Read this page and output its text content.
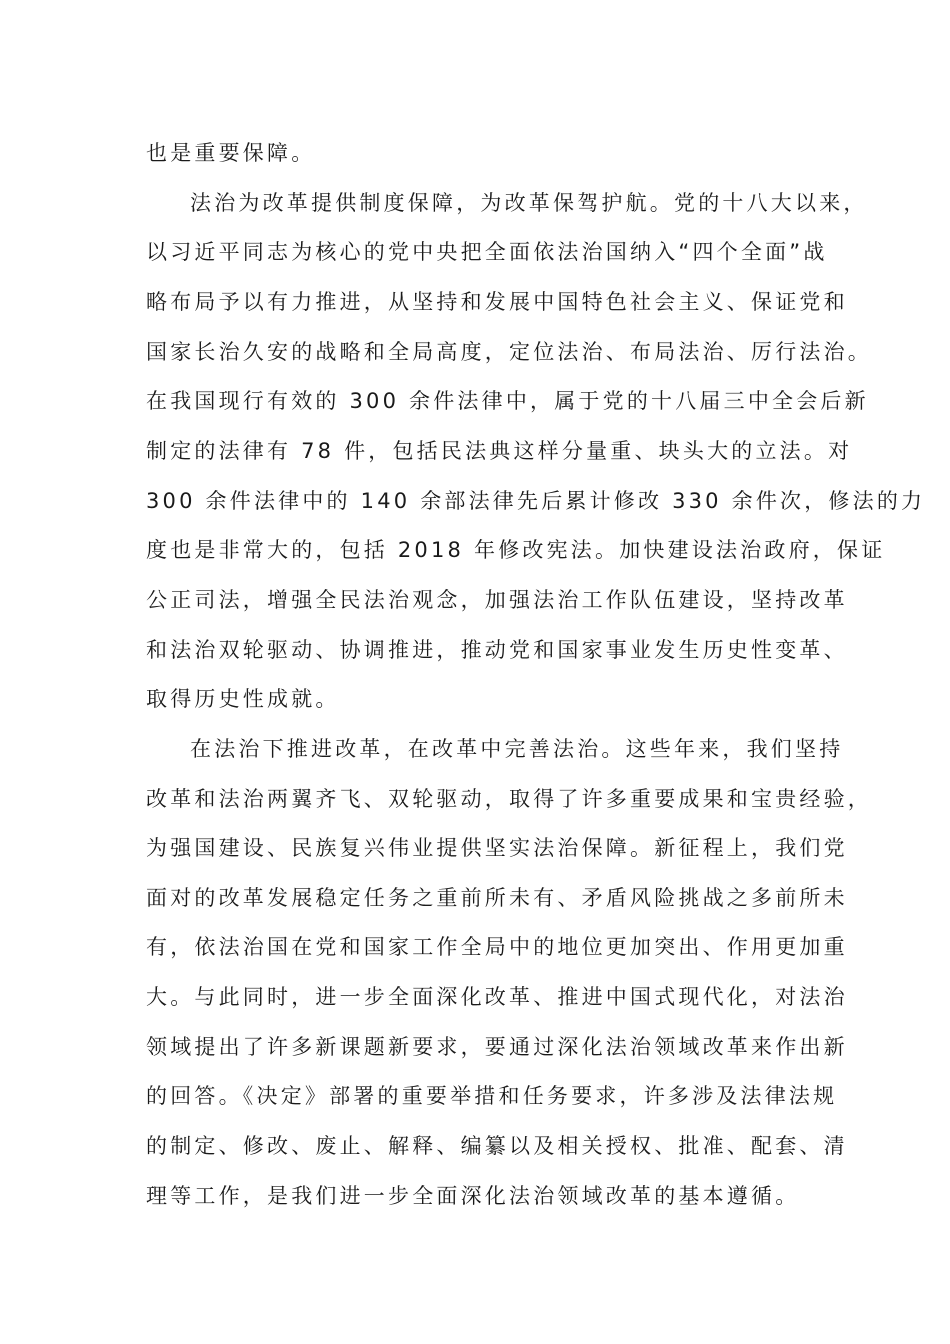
也是重要保障。
法治为改革提供制度保障，为改革保驾护航。党的十八大以来，
以习近平同志为核心的党中央把全面依法治国纳入“四个全面”战
略布局予以有力推进，从坚持和发展中国特色社会主义、保证党和
国家长治久安的战略和全局高度，定位法治、布局法治、厉行法治。
在我国现行有效的 300 余件法律中，属于党的十八届三中全会后新
制定的法律有 78 件，包括民法典这样分量重、块头大的立法。对
300 余件法律中的 140 余部法律先后累计修改 330 余件次，修法的力
度也是非常大的，包括 2018 年修改宪法。加快建设法治政府，保证
公正司法，增强全民法治观念，加强法治工作队伍建设，坚持改革
和法治双轮驱动、协调推进，推动党和国家事业发生历史性变革、
取得历史性成就。
在法治下推进改革，在改革中完善法治。这些年来，我们坚持
改革和法治两翼齐飞、双轮驱动，取得了许多重要成果和宝贵经验，
为强国建设、民族复兴伟业提供坚实法治保障。新征程上，我们党
面对的改革发展稳定任务之重前所未有、矛盾风险挑战之多前所未
有，依法治国在党和国家工作全局中的地位更加突出、作用更加重
大。与此同时，进一步全面深化改革、推进中国式现代化，对法治
领域提出了许多新课题新要求，要通过深化法治领域改革来作出新
的回答。《决定》部署的重要举措和任务要求，许多涉及法律法规
的制定、修改、废止、解释、编纂以及相关授权、批准、配套、清
理等工作，是我们进一步全面深化法治领域改革的基本遵循。
